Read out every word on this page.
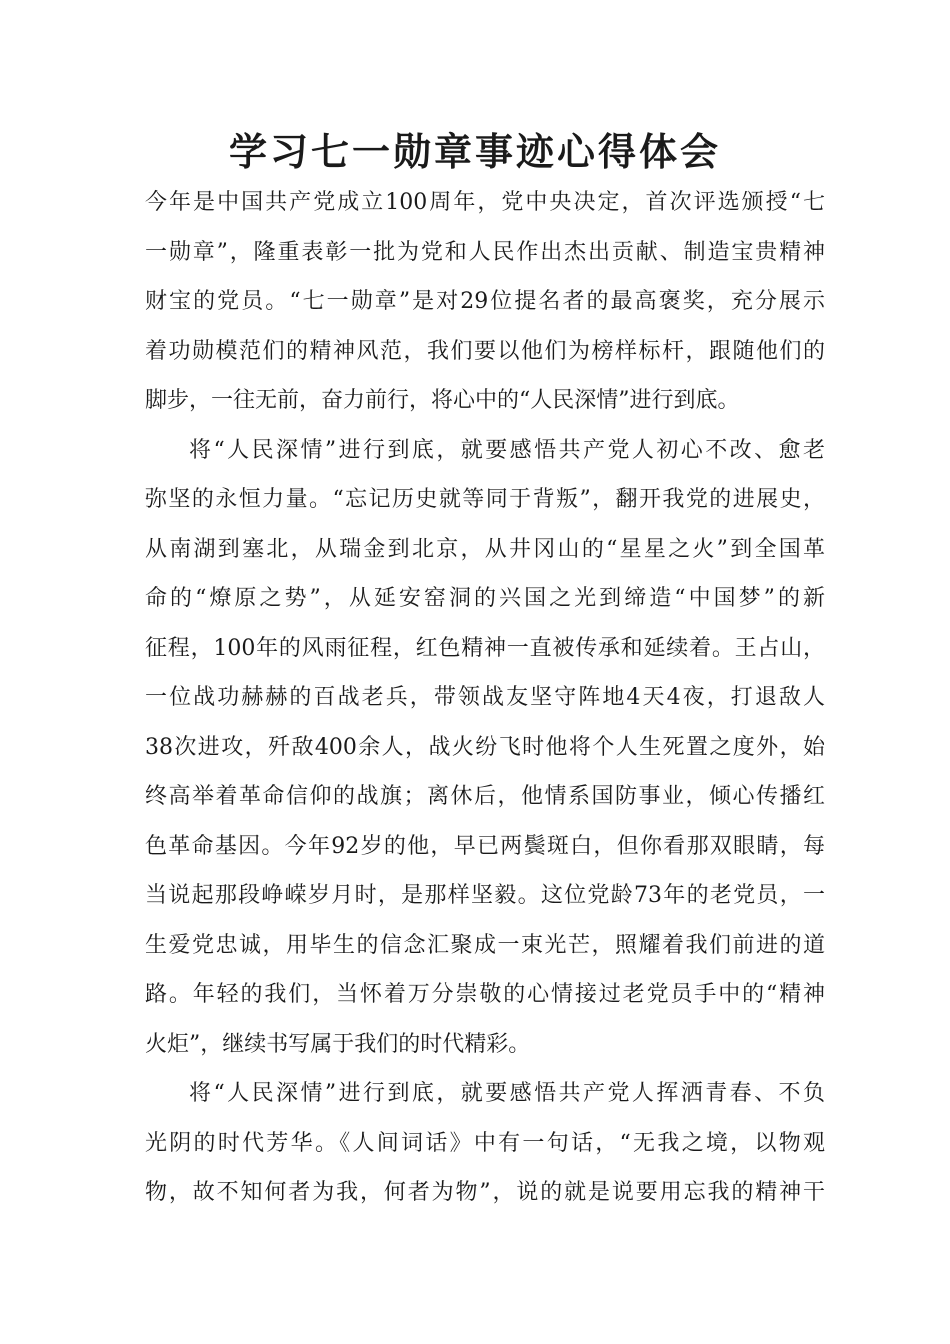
学习七一勋章事迹心得体会

今年是中国共产党成立100周年，党中央决定，首次评选颁授“七
一勋章”，隆重表彰一批为党和人民作出杰出贡献、制造宝贵精神
财宝的党员。“七一勋章”是对29位提名者的最高褒奖，充分展示
着功勋模范们的精神风范，我们要以他们为榜样标杆，跟随他们的
脚步，一往无前，奋力前行，将心中的“人民深情”进行到底。

将“人民深情”进行到底，就要感悟共产党人初心不改、愈老
弥坚的永恒力量。“忘记历史就等同于背叛”，翻开我党的进展史，
从南湖到塞北，从瑞金到北京，从井冈山的“星星之火”到全国革
命的“燎原之势”，从延安窑洞的兴国之光到缔造“中国梦”的新
征程，100年的风雨征程，红色精神一直被传承和延续着。王占山，
一位战功赫赫的百战老兵，带领战友坚守阵地4天4夜，打退敌人
38次进攻，歼敌400余人，战火纷飞时他将个人生死置之度外，始
终高举着革命信仰的战旗；离休后，他情系国防事业，倾心传播红
色革命基因。今年92岁的他，早已两鬓斑白，但你看那双眼睛，每
当说起那段峥嵘岁月时，是那样坚毅。这位党龄73年的老党员，一
生爱党忠诚，用毕生的信念汇聚成一束光芒，照耀着我们前进的道
路。年轻的我们，当怀着万分崇敬的心情接过老党员手中的“精神
火炬”，继续书写属于我们的时代精彩。

将“人民深情”进行到底，就要感悟共产党人挥洒青春、不负
光阴的时代芳华。《人间词话》中有一句话，“无我之境，以物观
物，故不知何者为我，何者为物”，说的就是说要用忘我的精神干
